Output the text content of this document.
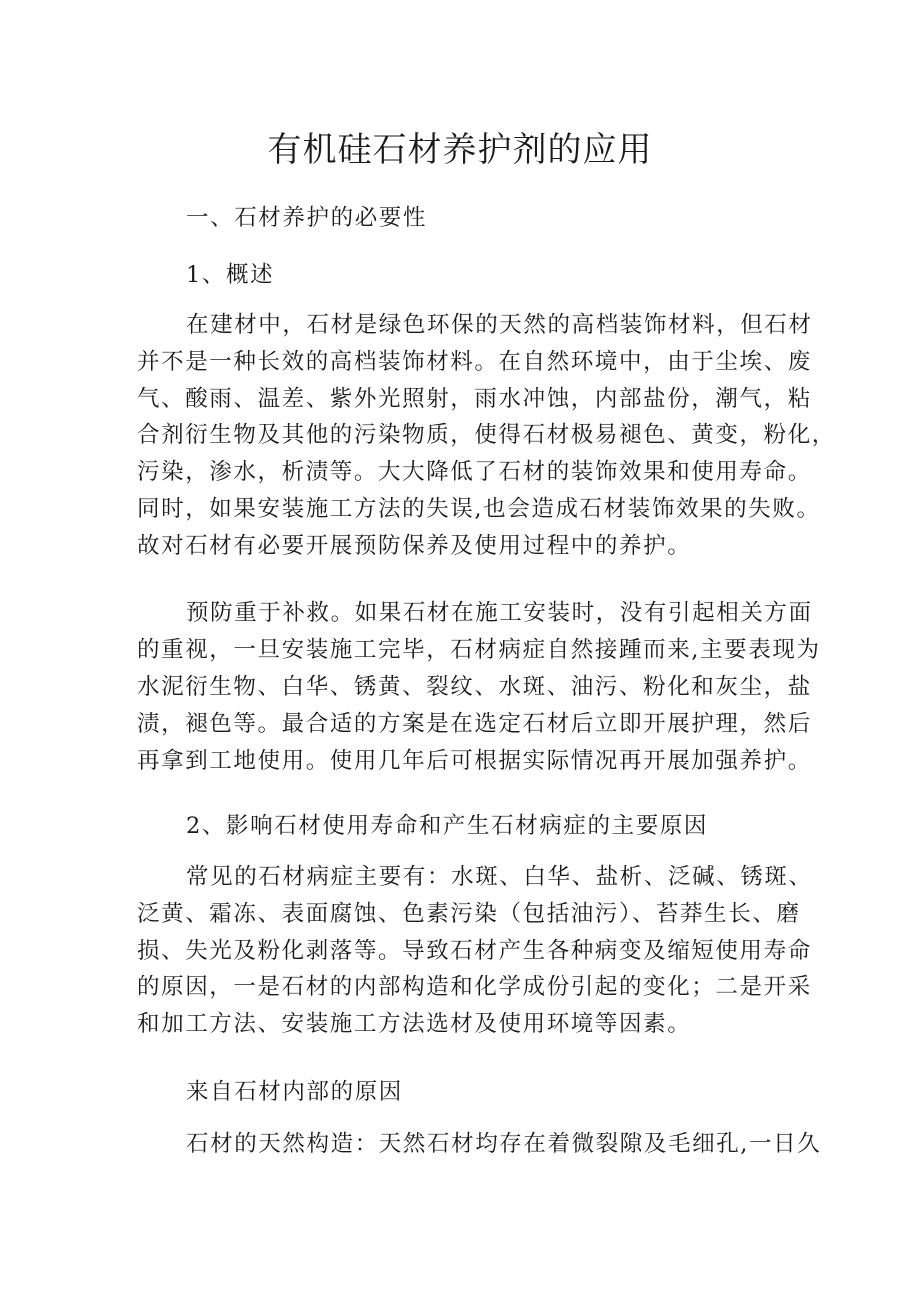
有机硅石材养护剂的应用

一、石材养护的必要性

1、概述

在建材中，石材是绿色环保的天然的高档装饰材料，但石材

并不是一种长效的高档装饰材料。在自然环境中，由于尘埃、废

气、酸雨、温差、紫外光照射，雨水冲蚀，内部盐份，潮气，粘

合剂衍生物及其他的污染物质，使得石材极易褪色、黄变，粉化，

污染，渗水，析渍等。大大降低了石材的装饰效果和使用寿命。

同时，如果安装施工方法的失误,也会造成石材装饰效果的失败。

故对石材有必要开展预防保养及使用过程中的养护。

预防重于补救。如果石材在施工安装时，没有引起相关方面

的重视，一旦安装施工完毕，石材病症自然接踵而来,主要表现为

水泥衍生物、白华、锈黄、裂纹、水斑、油污、粉化和灰尘，盐

渍，褪色等。最合适的方案是在选定石材后立即开展护理，然后

再拿到工地使用。使用几年后可根据实际情况再开展加强养护。

2、影响石材使用寿命和产生石材病症的主要原因

常见的石材病症主要有：水斑、白华、盐析、泛碱、锈斑、

泛黄、霜冻、表面腐蚀、色素污染（包括油污）、苔莽生长、磨

损、失光及粉化剥落等。导致石材产生各种病变及缩短使用寿命

的原因，一是石材的内部构造和化学成份引起的变化；二是开采

和加工方法、安装施工方法选材及使用环境等因素。

来自石材内部的原因

石材的天然构造：天然石材均存在着微裂隙及毛细孔,一日久
